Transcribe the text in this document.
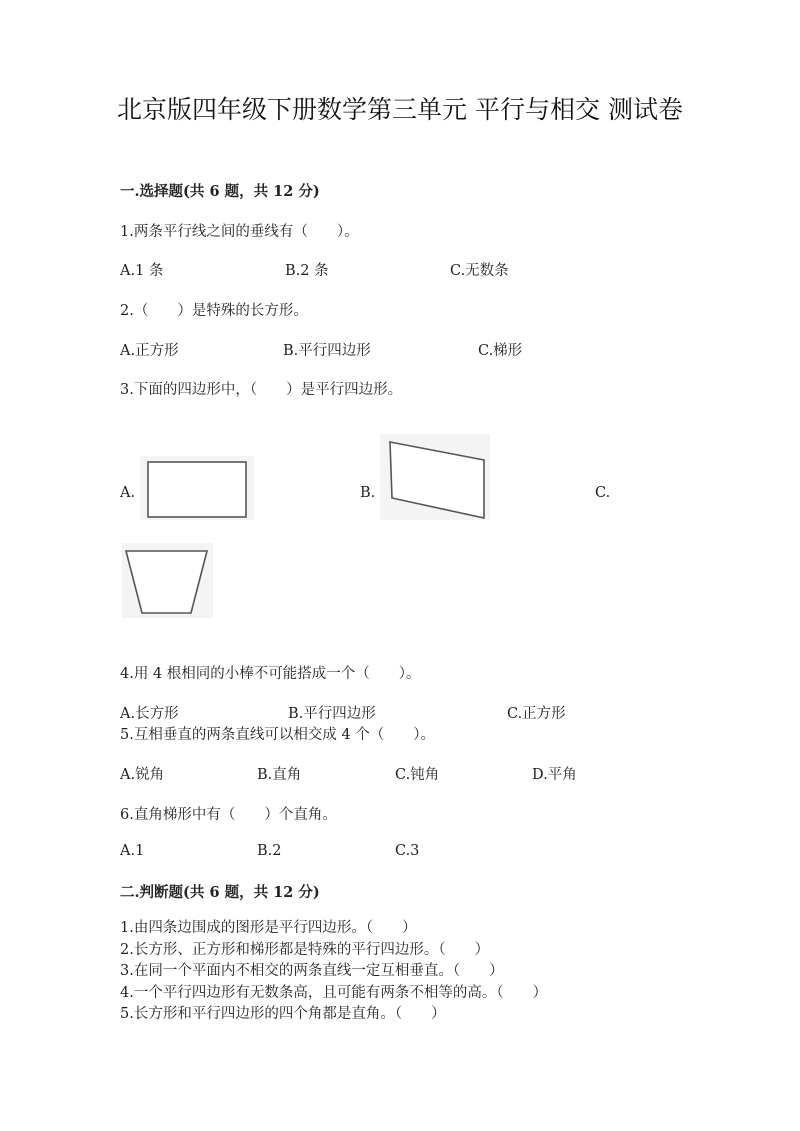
北京版四年级下册数学第三单元 平行与相交 测试卷
一.选择题(共 6 题，共 12 分)
1.两条平行线之间的垂线有（　　）。
A.1 条	B.2 条	C.无数条
2.（　　）是特殊的长方形。
A.正方形	B.平行四边形	C.梯形
3.下面的四边形中，（　　）是平行四边形。
A.	B.	C.
4.用 4 根相同的小棒不可能搭成一个（　　）。
A.长方形	B.平行四边形	C.正方形
5.互相垂直的两条直线可以相交成 4 个（　　）。
A.锐角	B.直角	C.钝角	D.平角
6.直角梯形中有（　　）个直角。
A.1	B.2	C.3
二.判断题(共 6 题，共 12 分)
1.由四条边围成的图形是平行四边形。（　　）
2.长方形、正方形和梯形都是特殊的平行四边形。（　　）
3.在同一个平面内不相交的两条直线一定互相垂直。（　　）
4.一个平行四边形有无数条高，且可能有两条不相等的高。（　　）
5.长方形和平行四边形的四个角都是直角。（　　）
